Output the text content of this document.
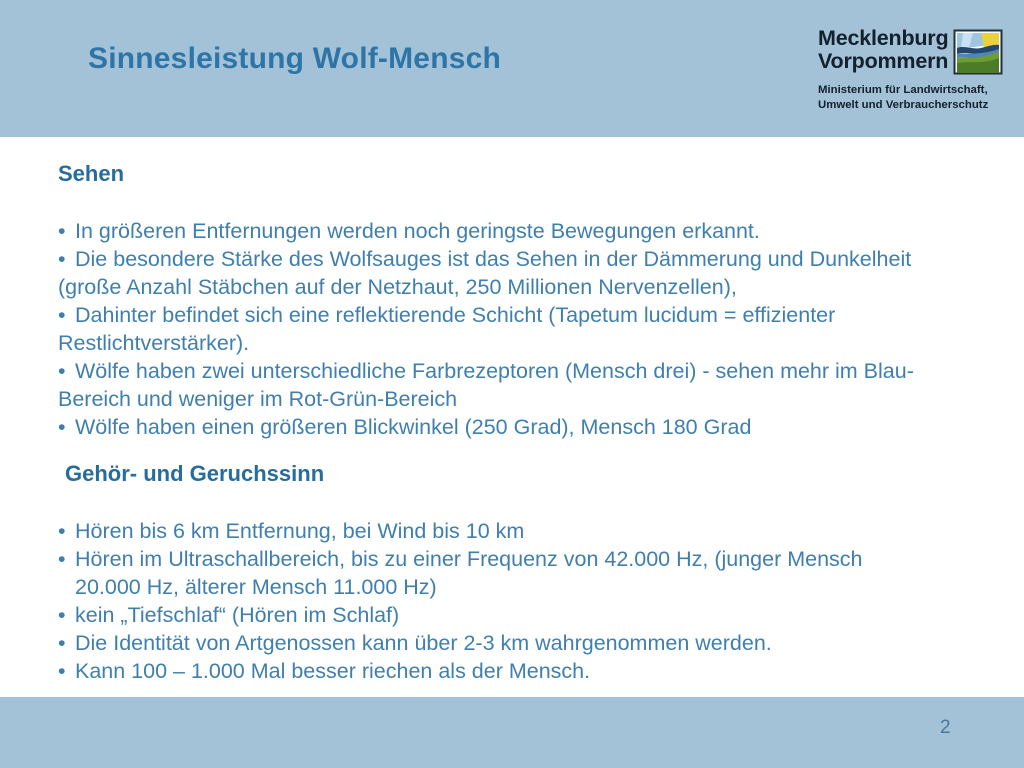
Sinnesleistung Wolf-Mensch
Mecklenburg
Vorpommern
Ministerium für Landwirtschaft,
Umwelt und Verbraucherschutz
Sehen
• In größeren Entfernungen werden noch geringste Bewegungen erkannt.
• Die besondere Stärke des Wolfsauges ist das Sehen in der Dämmerung und Dunkelheit
(große Anzahl Stäbchen auf der Netzhaut, 250 Millionen Nervenzellen),
• Dahinter befindet sich eine reflektierende Schicht (Tapetum lucidum = effizienter
Restlichtverstärker).
• Wölfe haben zwei unterschiedliche Farbrezeptoren (Mensch drei) - sehen mehr im Blau-
Bereich und weniger im Rot-Grün-Bereich
• Wölfe haben einen größeren Blickwinkel (250 Grad), Mensch 180 Grad
Gehör- und Geruchssinn
• Hören bis 6 km Entfernung, bei Wind bis 10 km
• Hören im Ultraschallbereich, bis zu einer Frequenz von 42.000 Hz, (junger Mensch

20.000 Hz, älterer Mensch 11.000 Hz)
• kein „Tiefschlaf“ (Hören im Schlaf)
• Die Identität von Artgenossen kann über 2-3 km wahrgenommen werden.
• Kann 100 – 1.000 Mal besser riechen als der Mensch.
2
